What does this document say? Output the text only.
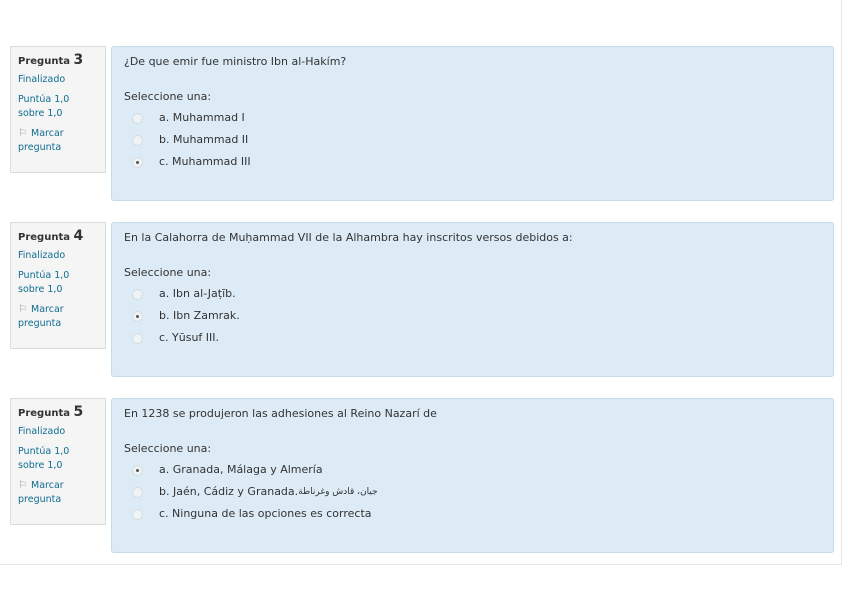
Pregunta 3
Finalizado
Puntúa 1,0 sobre 1,0
⚐ Marcar pregunta
¿De que emir fue ministro Ibn al-Hakím?
Seleccione una:
a. Muhammad I
b. Muhammad II
c. Muhammad III
Pregunta 4
Finalizado
Puntúa 1,0 sobre 1,0
⚐ Marcar pregunta
En la Calahorra de Muḥammad VII de la Alhambra hay inscritos versos debidos a:
Seleccione una:
a. Ibn al-Jaṭīb.
b. Ibn Zamrak.
c. Yūsuf III.
Pregunta 5
Finalizado
Puntúa 1,0 sobre 1,0
⚐ Marcar pregunta
En 1238 se produjeron las adhesiones al Reino Nazarí de
Seleccione una:
a. Granada, Málaga y Almería
b. Jaén, Cádiz y Granada. جيان، قادش وغرناطة
c. Ninguna de las opciones es correcta
